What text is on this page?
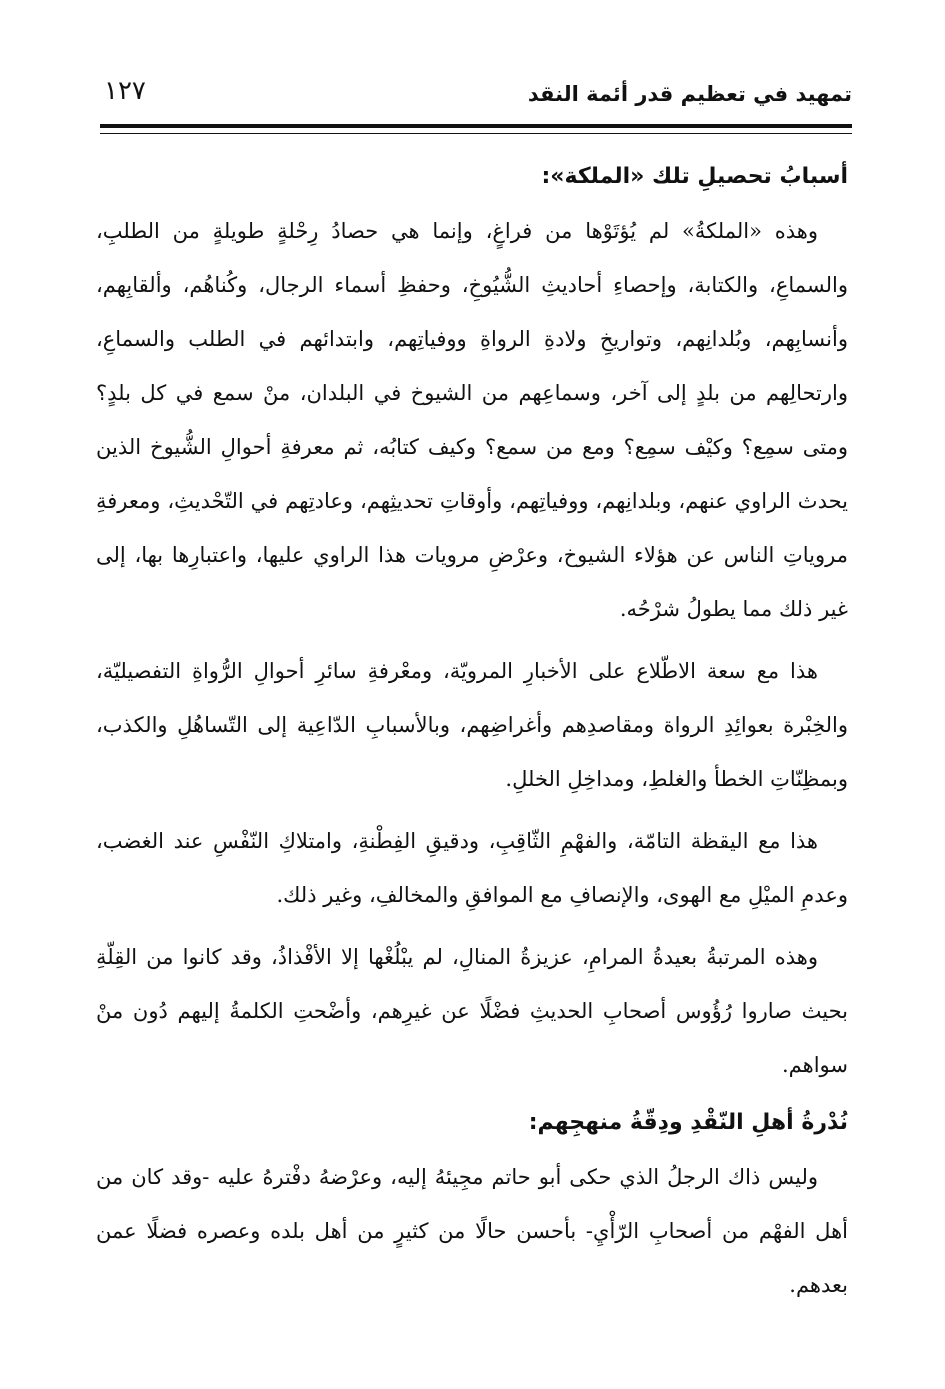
تمهيد في تعظيم قدر أئمة النقد
١٢٧
أسبابُ تحصيلِ تلك «الملكة»:

وهذه «الملكةُ» لم يُؤتَوْها من فراغٍ، وإنما هي حصادُ رِحْلةٍ طويلةٍ من الطلبِ، والسماعِ، والكتابة، وإحصاءِ أحاديثِ الشُّيُوخِ، وحفظِ أسماء الرجال، وكُناهُم، وألقابِهم، وأنسابِهم، وبُلدانِهم، وتواريخِ ولادةِ الرواةِ ووفياتِهم، وابتدائهم في الطلب والسماعِ، وارتحالِهم من بلدٍ إلى آخر، وسماعِهم من الشيوخ في البلدان، منْ سمع في كل بلدٍ؟ ومتى سمِع؟ وكيْف سمِع؟ ومع من سمع؟ وكيف كتابُه، ثم معرفةِ أحوالِ الشُّيوخ الذين يحدث الراوي عنهم، وبلدانِهم، ووفياتِهم، وأوقاتِ تحديثِهم، وعادتِهم في التّحْديثِ، ومعرفةِ مروياتِ الناس عن هؤلاء الشيوخ، وعرْضِ مرويات هذا الراوي عليها، واعتبارِها بها، إلى غير ذلك مما يطولُ شرْحُه.

هذا مع سعة الاطّلاع على الأخبارِ المرويّة، ومعْرفةِ سائرِ أحوالِ الرُّواةِ التفصيليّة، والخِبْرة بعوائِدِ الرواة ومقاصدِهم وأغراضِهم، وبالأسبابِ الدّاعِية إلى التّساهُلِ والكذب، وبمظِنّاتِ الخطأ والغلطِ، ومداخِلِ الخللِ.

هذا مع اليقظة التامّة، والفهْمِ الثّاقِبِ، ودقيقِ الفِطْنةِ، وامتلاكِ النّفْسِ عند الغضب، وعدمِ الميْلِ مع الهوى، والإنصافِ مع الموافقِ والمخالفِ، وغير ذلك.

وهذه المرتبةُ بعيدةُ المرامِ، عزيزةُ المنالِ، لم يبْلُغْها إلا الأفْذاذُ، وقد كانوا من القِلّةِ بحيث صاروا رُؤُوس أصحابِ الحديثِ فضْلًا عن غيرِهم، وأضْحتِ الكلمةُ إليهم دُون منْ سواهم.

نُدْرةُ أهلِ النّقْدِ ودِقّةُ منهجِهم:

وليس ذاك الرجلُ الذي حكى أبو حاتم مجِيئهُ إليه، وعرْضهُ دفْترهُ عليه -وقد كان من أهل الفهْم من أصحابِ الرّأْيِ- بأحسن حالًا من كثيرٍ من أهل بلده وعصره فضلًا عمن بعدهم.
